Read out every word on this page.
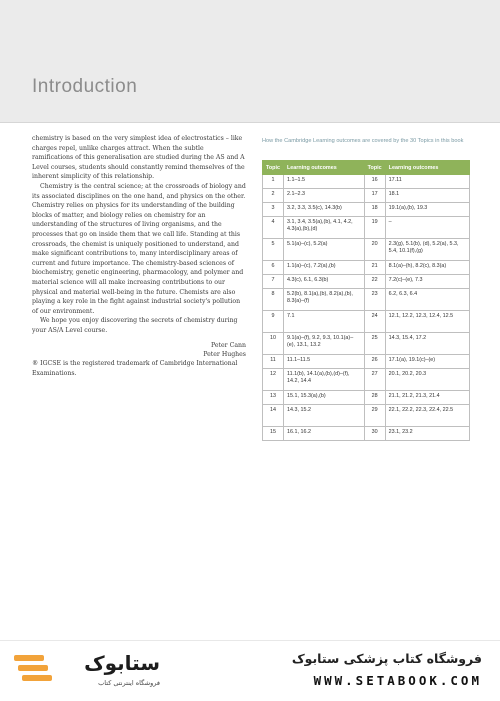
Introduction

chemistry is based on the very simplest idea of electrostatics – like charges repel, unlike charges attract. When the subtle ramifications of this generalisation are studied during the AS and A Level courses, students should constantly remind themselves of the inherent simplicity of this relationship.

Chemistry is the central science; at the crossroads of biology and its associated disciplines on the one hand, and physics on the other. Chemistry relies on physics for its understanding of the building blocks of matter, and biology relies on chemistry for an understanding of the structures of living organisms, and the processes that go on inside them that we call life. Standing at this crossroads, the chemist is uniquely positioned to understand, and make significant contributions to, many interdisciplinary areas of current and future importance. The chemistry-based sciences of biochemistry, genetic engineering, pharmacology, and polymer and material science will all make increasing contributions to our physical and material well-being in the future. Chemists are also playing a key role in the fight against industrial society's pollution of our environment.

We hope you enjoy discovering the secrets of chemistry during your AS/A Level course.

Peter Cann
Peter Hughes

® IGCSE is the registered trademark of Cambridge International Examinations.

How the Cambridge Learning outcomes are covered by the 30 Topics in this book
Topic	Learning outcomes	Topic	Learning outcomes
1	1.1–1.5	16	17.11
2	2.1–2.3	17	18.1
3	3.2, 3.3, 3.5(c), 14.3(b)	18	19.1(a),(b), 19.3
4	3.1, 3.4, 3.5(a),(b), 4.1, 4.2, 4.3(a),(b),(d)	19	–
5	5.1(a)–(c), 5.2(a)	20	2.3(g), 5.1(b), (d), 5.2(a), 5.3, 5.4, 10.1(f),(g)
6	1.1(a)–(c), 7.2(a),(b)	21	8.1(a)–(h), 8.2(c), 8.3(a)
7	4.3(c), 6.1, 6.3(b)	22	7.2(c)–(e), 7.3
8	5.2(b), 8.1(a),(b), 8.2(a),(b), 8.3(a)–(f)	23	6.2, 6.3, 6.4
9	7.1	24	12.1, 12.2, 12.3, 12.4, 12.5
10	9.1(a)–(f), 9.2, 9.3, 10.1(a)–(e), 13.1, 13.2	25	14.3, 15.4, 17.2
11	11.1–11.5	26	17.1(a), 19.1(c)–(e)
12	11.1(b), 14.1(a),(b),(d)–(f), 14.2, 14.4	27	20.1, 20.2, 20.3
13	15.1, 15.3(a),(b)	28	21.1, 21.2, 21.3, 21.4
14	14.3, 15.2	29	22.1, 22.2, 22.3, 22.4, 22.5
15	16.1, 16.2	30	23.1, 23.2
ستابوک
فروشگاه اینترنتی کتاب
فروشگاه کتاب پزشکی ستابوک
WWW.SETABOOK.COM
